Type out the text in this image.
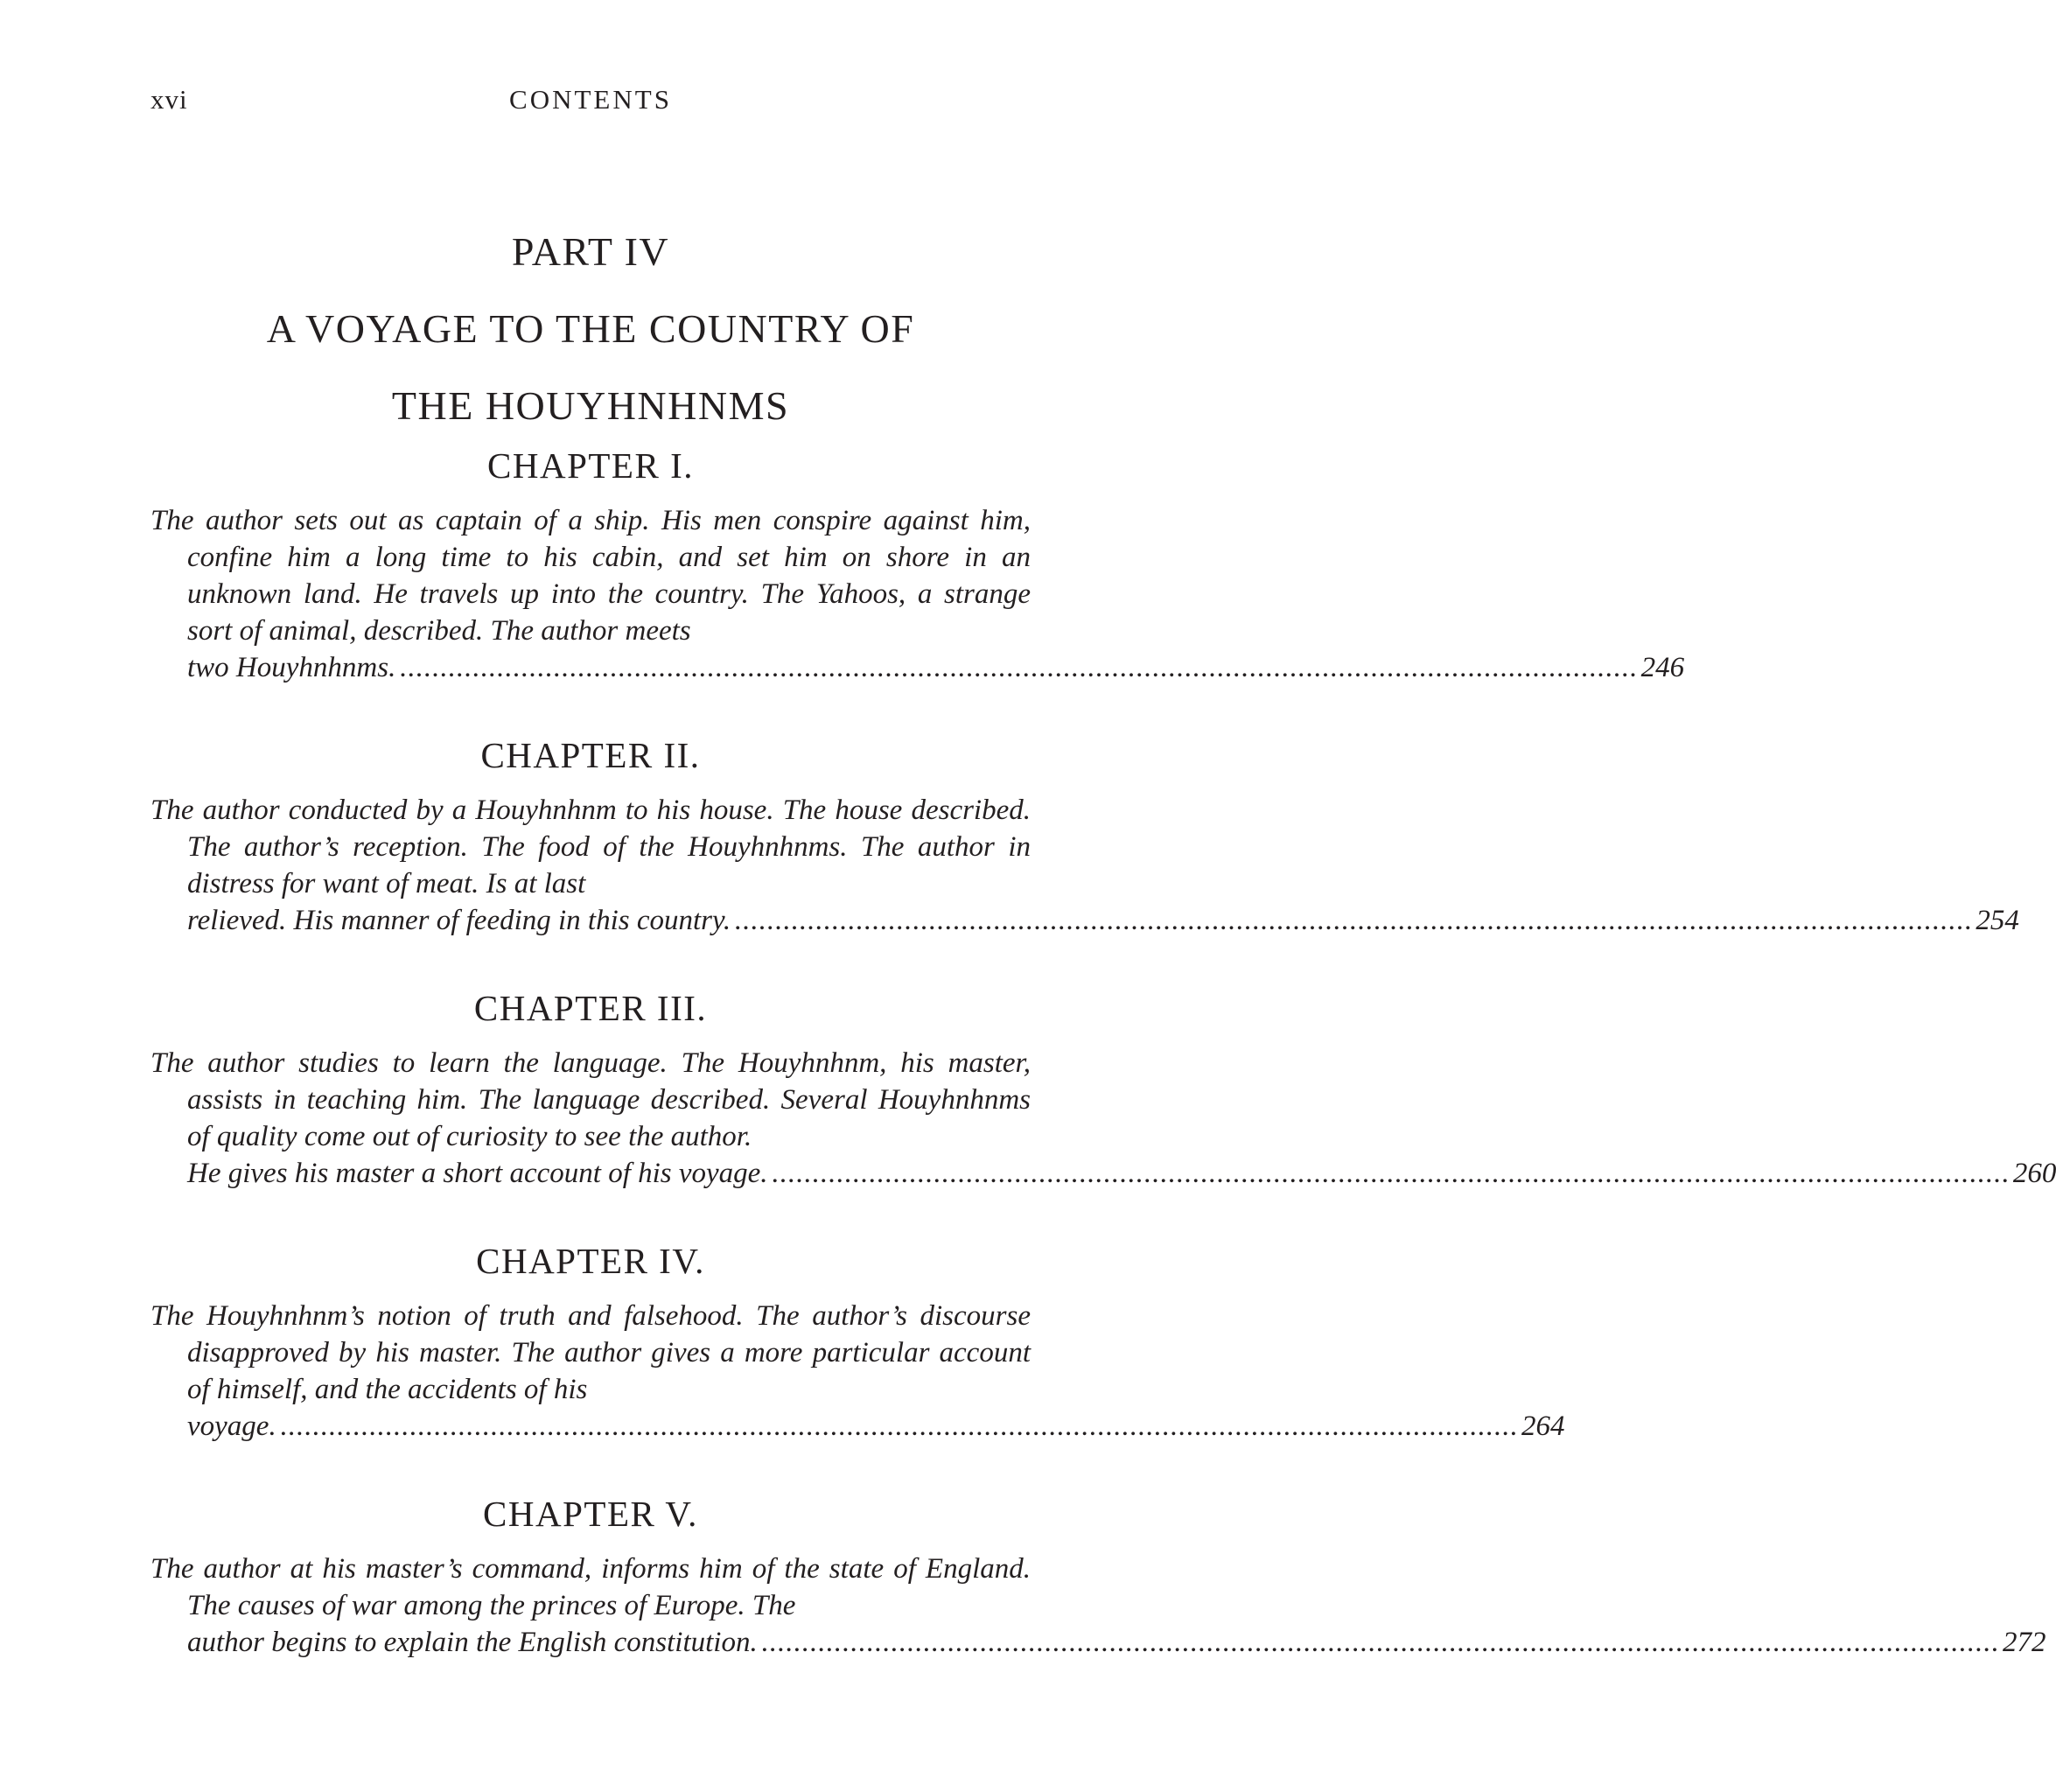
xvi	CONTENTS
PART IV
A VOYAGE TO THE COUNTRY OF
THE HOUYHNHNMS
CHAPTER I.

The author sets out as captain of a ship. His men conspire against him, confine him a long time to his cabin, and set him on shore in an unknown land. He travels up into the country. The Yahoos, a strange sort of animal, described. The author meets

two Houyhnhnms. ......................................................................................................................................................... 246
CHAPTER II.

The author conducted by a Houyhnhnm to his house. The house described. The author’s reception. The food of the Houyhnhnms. The author in distress for want of meat. Is at last

relieved. His manner of feeding in this country. ......................................................................................................................................................... 254
CHAPTER III.

The author studies to learn the language. The Houyhnhnm, his master, assists in teaching him. The language described. Several Houyhnhnms of quality come out of curiosity to see the author.

He gives his master a short account of his voyage. ......................................................................................................................................................... 260
CHAPTER IV.

The Houyhnhnm’s notion of truth and falsehood. The author’s discourse disapproved by his master. The author gives a more particular account of himself, and the accidents of his

voyage. ......................................................................................................................................................... 264
CHAPTER V.

The author at his master’s command, informs him of the state of England. The causes of war among the princes of Europe. The

author begins to explain the English constitution. ......................................................................................................................................................... 272
